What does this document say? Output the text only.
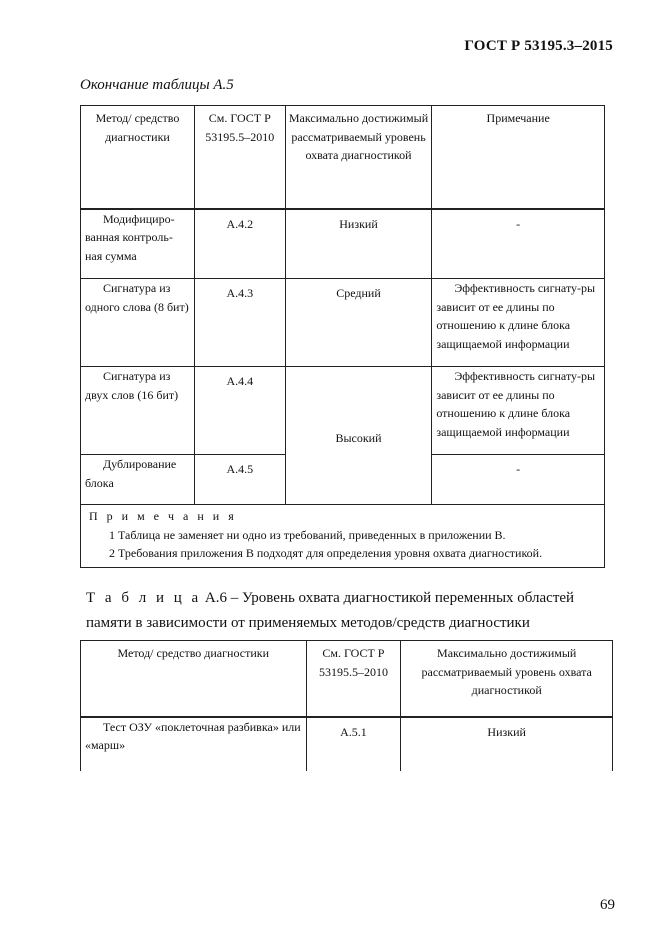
ГОСТ Р 53195.3–2015
Окончание таблицы А.5
Метод/ средство диагностики	См. ГОСТ Р 53195.5–2010	Максимально достижимый рассматриваемый уровень охвата диагностикой	Примечание
Модифициро-ванная контроль-ная сумма	А.4.2	Низкий	-
Сигнатура из одного слова (8 бит)	А.4.3	Средний	Эффективность сигнату-ры зависит от ее длины по отношению к длине блока защищаемой информации
Сигнатура из двух слов (16 бит)	А.4.4	Высокий	Эффективность сигнату-ры зависит от ее длины по отношению к длине блока защищаемой информации
Дублирование блока	А.4.5		-

П р и м е ч а н и я
1 Таблица не заменяет ни одно из требований, приведенных в приложении В.
2 Требования приложения В подходят для определения уровня охвата диагностикой.			
Т а б л и ц а А.6 – Уровень охвата диагностикой переменных областей памяти в зависимости от применяемых методов/средств диагностики
Метод/ средство диагностики	См. ГОСТ Р 53195.5–2010	Максимально достижимый рассматриваемый уровень охвата диагностикой
Тест ОЗУ «поклеточная разбивка» или «марш»	А.5.1	Низкий
69
